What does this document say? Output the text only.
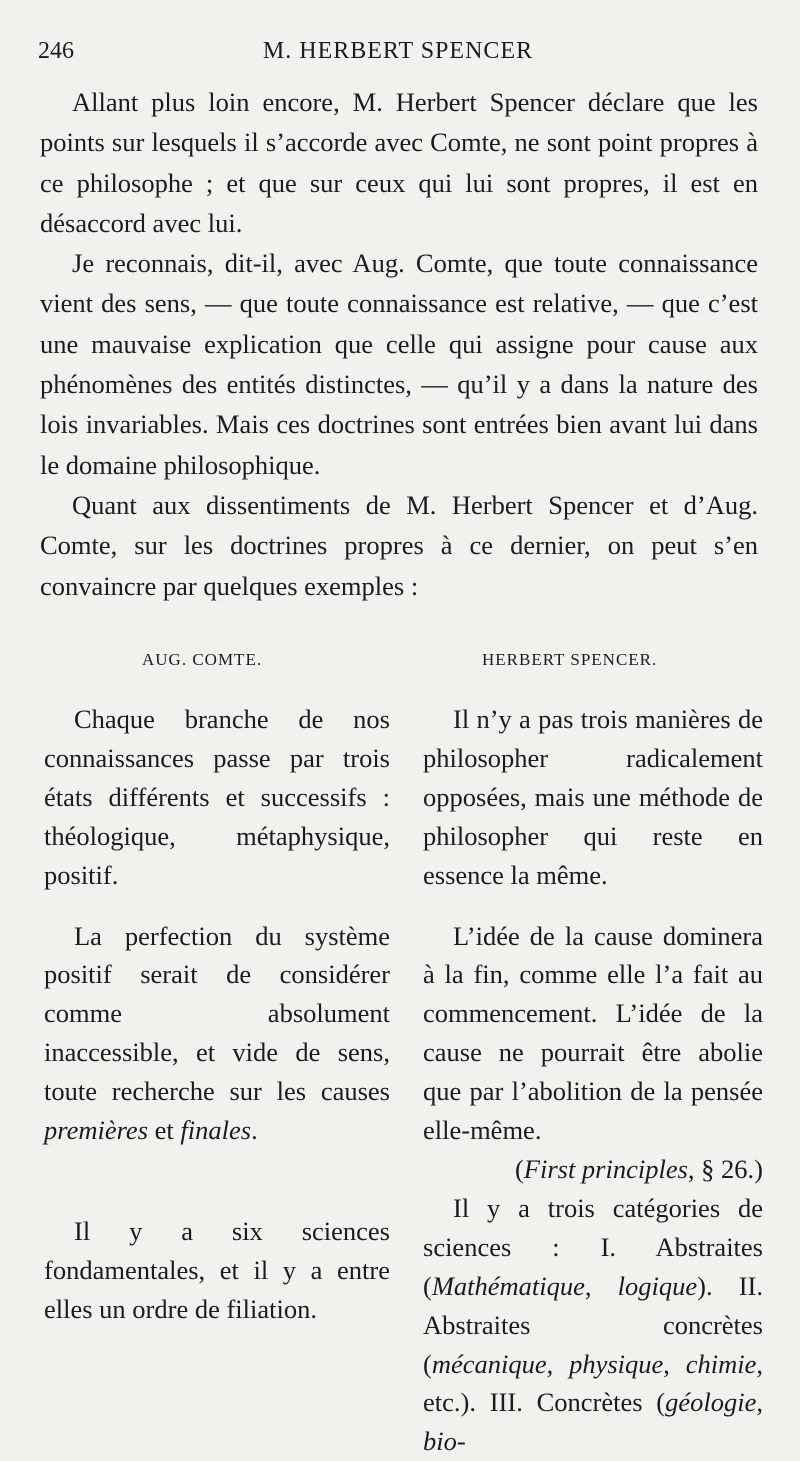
246	M. HERBERT SPENCER

Allant plus loin encore, M. Herbert Spencer déclare que les points sur lesquels il s’accorde avec Comte, ne sont point propres à ce philosophe ; et que sur ceux qui lui sont propres, il est en désaccord avec lui.

Je reconnais, dit-il, avec Aug. Comte, que toute connaissance vient des sens, — que toute connaissance est relative, — que c’est une mauvaise explication que celle qui assigne pour cause aux phénomènes des entités distinctes, — qu’il y a dans la nature des lois invariables. Mais ces doctrines sont entrées bien avant lui dans le domaine philosophique.

Quant aux dissentiments de M. Herbert Spencer et d’Aug. Comte, sur les doctrines propres à ce dernier, on peut s’en convaincre par quelques exemples :

AUG. COMTE.	HERBERT SPENCER.

Chaque branche de nos connaissances passe par trois états différents et successifs : théologique, métaphysique, positif.

La perfection du système positif serait de considérer comme absolument inaccessible, et vide de sens, toute recherche sur les causes premières et finales.

Il y a six sciences fondamentales, et il y a entre elles un ordre de filiation.

Il n’y a pas trois manières de philosopher radicalement opposées, mais une méthode de philosopher qui reste en essence la même.

L’idée de la cause dominera à la fin, comme elle l’a fait au commencement. L’idée de la cause ne pourrait être abolie que par l’abolition de la pensée elle-même.

(First principles, § 26.)

Il y a trois catégories de sciences : I. Abstraites (Mathématique, logique). II. Abstraites concrètes (mécanique, physique, chimie, etc.). III. Concrètes (géologie, bio-
